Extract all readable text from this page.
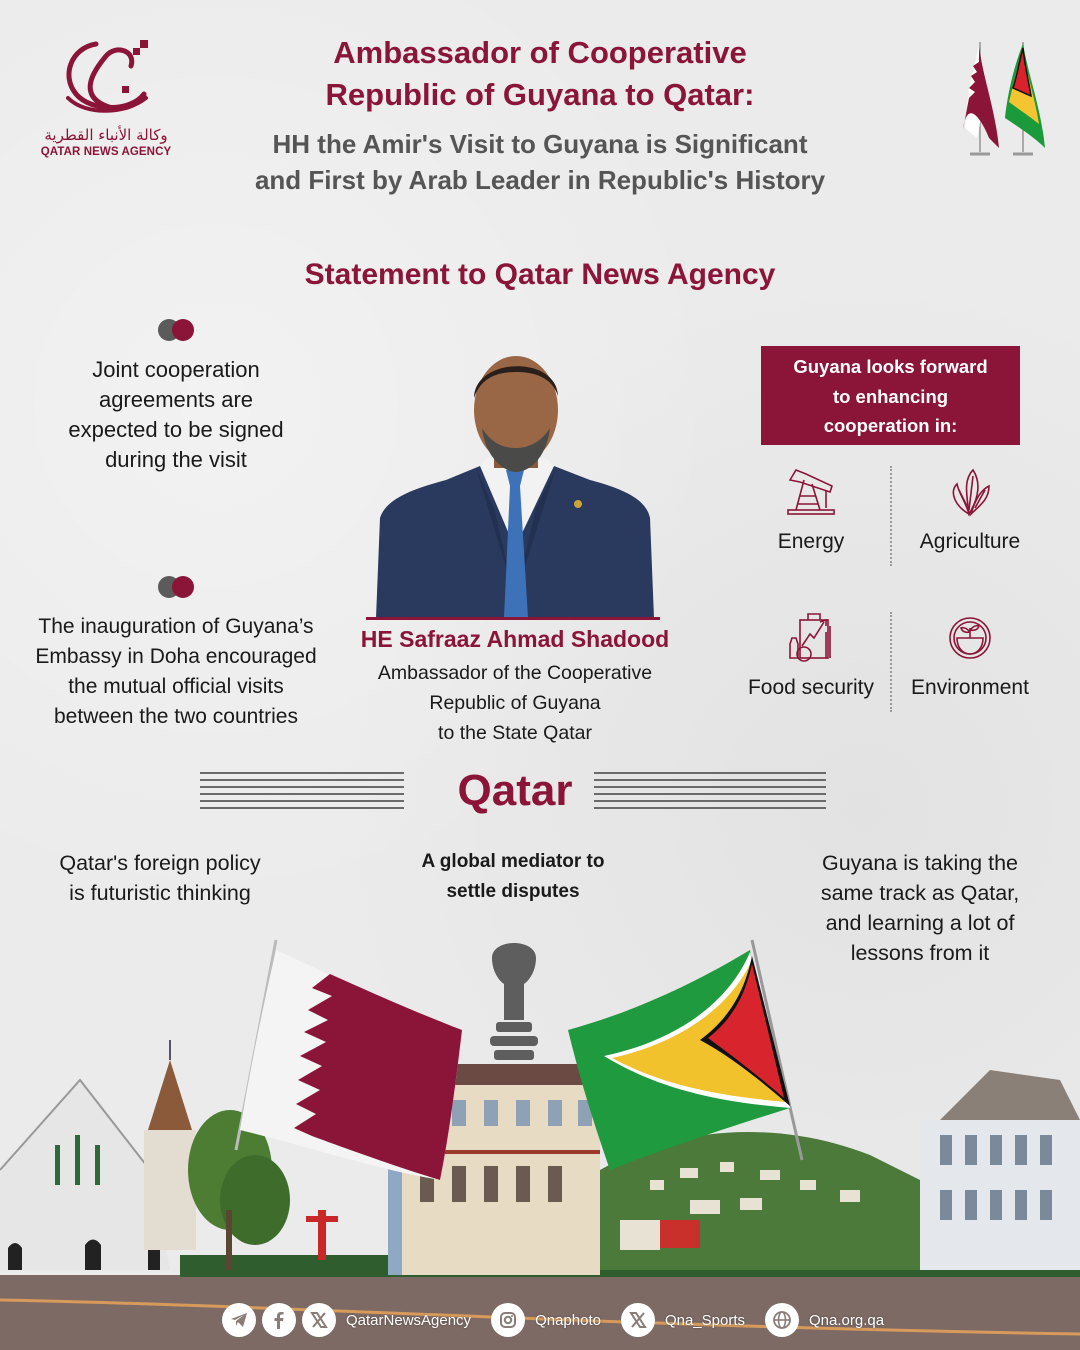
وكالة الأنباء القطرية
QATAR NEWS AGENCY
Ambassador of Cooperative
Republic of Guyana to Qatar:
HH the Amir's Visit to Guyana is Significant
and First by Arab Leader in Republic's History
Statement to Qatar News Agency
Joint cooperation
agreements are
expected to be signed
during the visit
The inauguration of Guyana’s
Embassy in Doha encouraged
the mutual official visits
between the two countries
HE Safraaz Ahmad Shadood
Ambassador of the Cooperative
Republic of Guyana
to the State Qatar
Guyana looks forward
to enhancing
cooperation in:
Energy	Agriculture
Food security	Environment
Qatar
Qatar's foreign policy
is futuristic thinking
A global mediator to
settle disputes
Guyana is taking the
same track as Qatar,
and learning a lot of
lessons from it
QatarNewsAgency	Qnaphoto	Qna_Sports	Qna.org.qa
